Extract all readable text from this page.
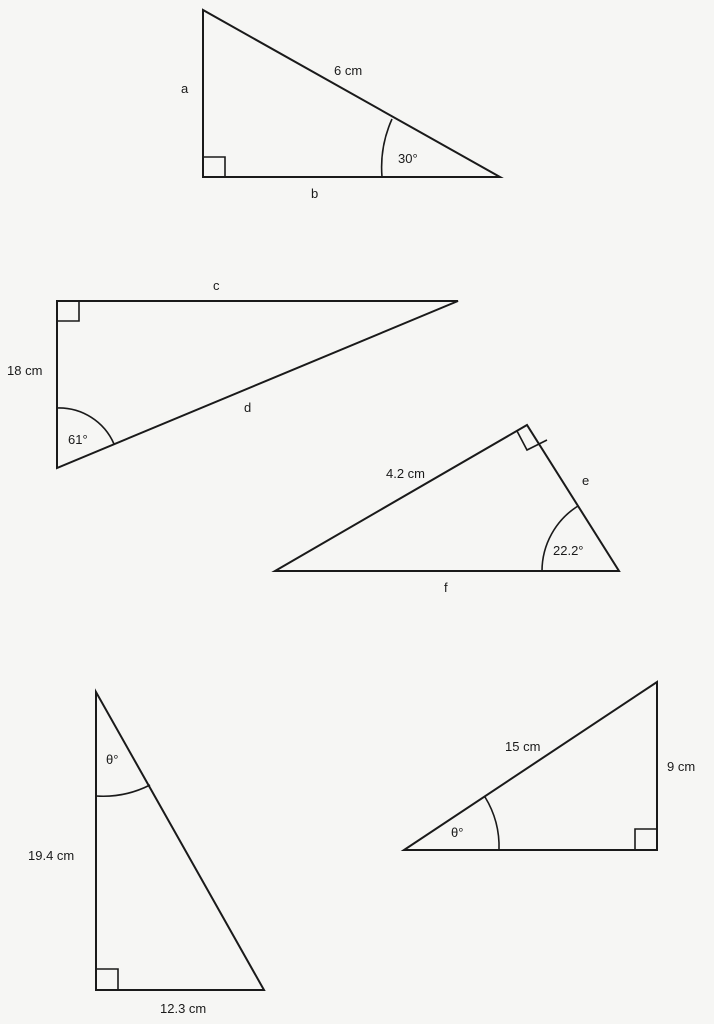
6 cm
a
b
30°
c
18 cm
d
61°
4.2 cm	e
f
22.2°
θ°
19.4 cm
12.3 cm
15 cm
9 cm
θ°
